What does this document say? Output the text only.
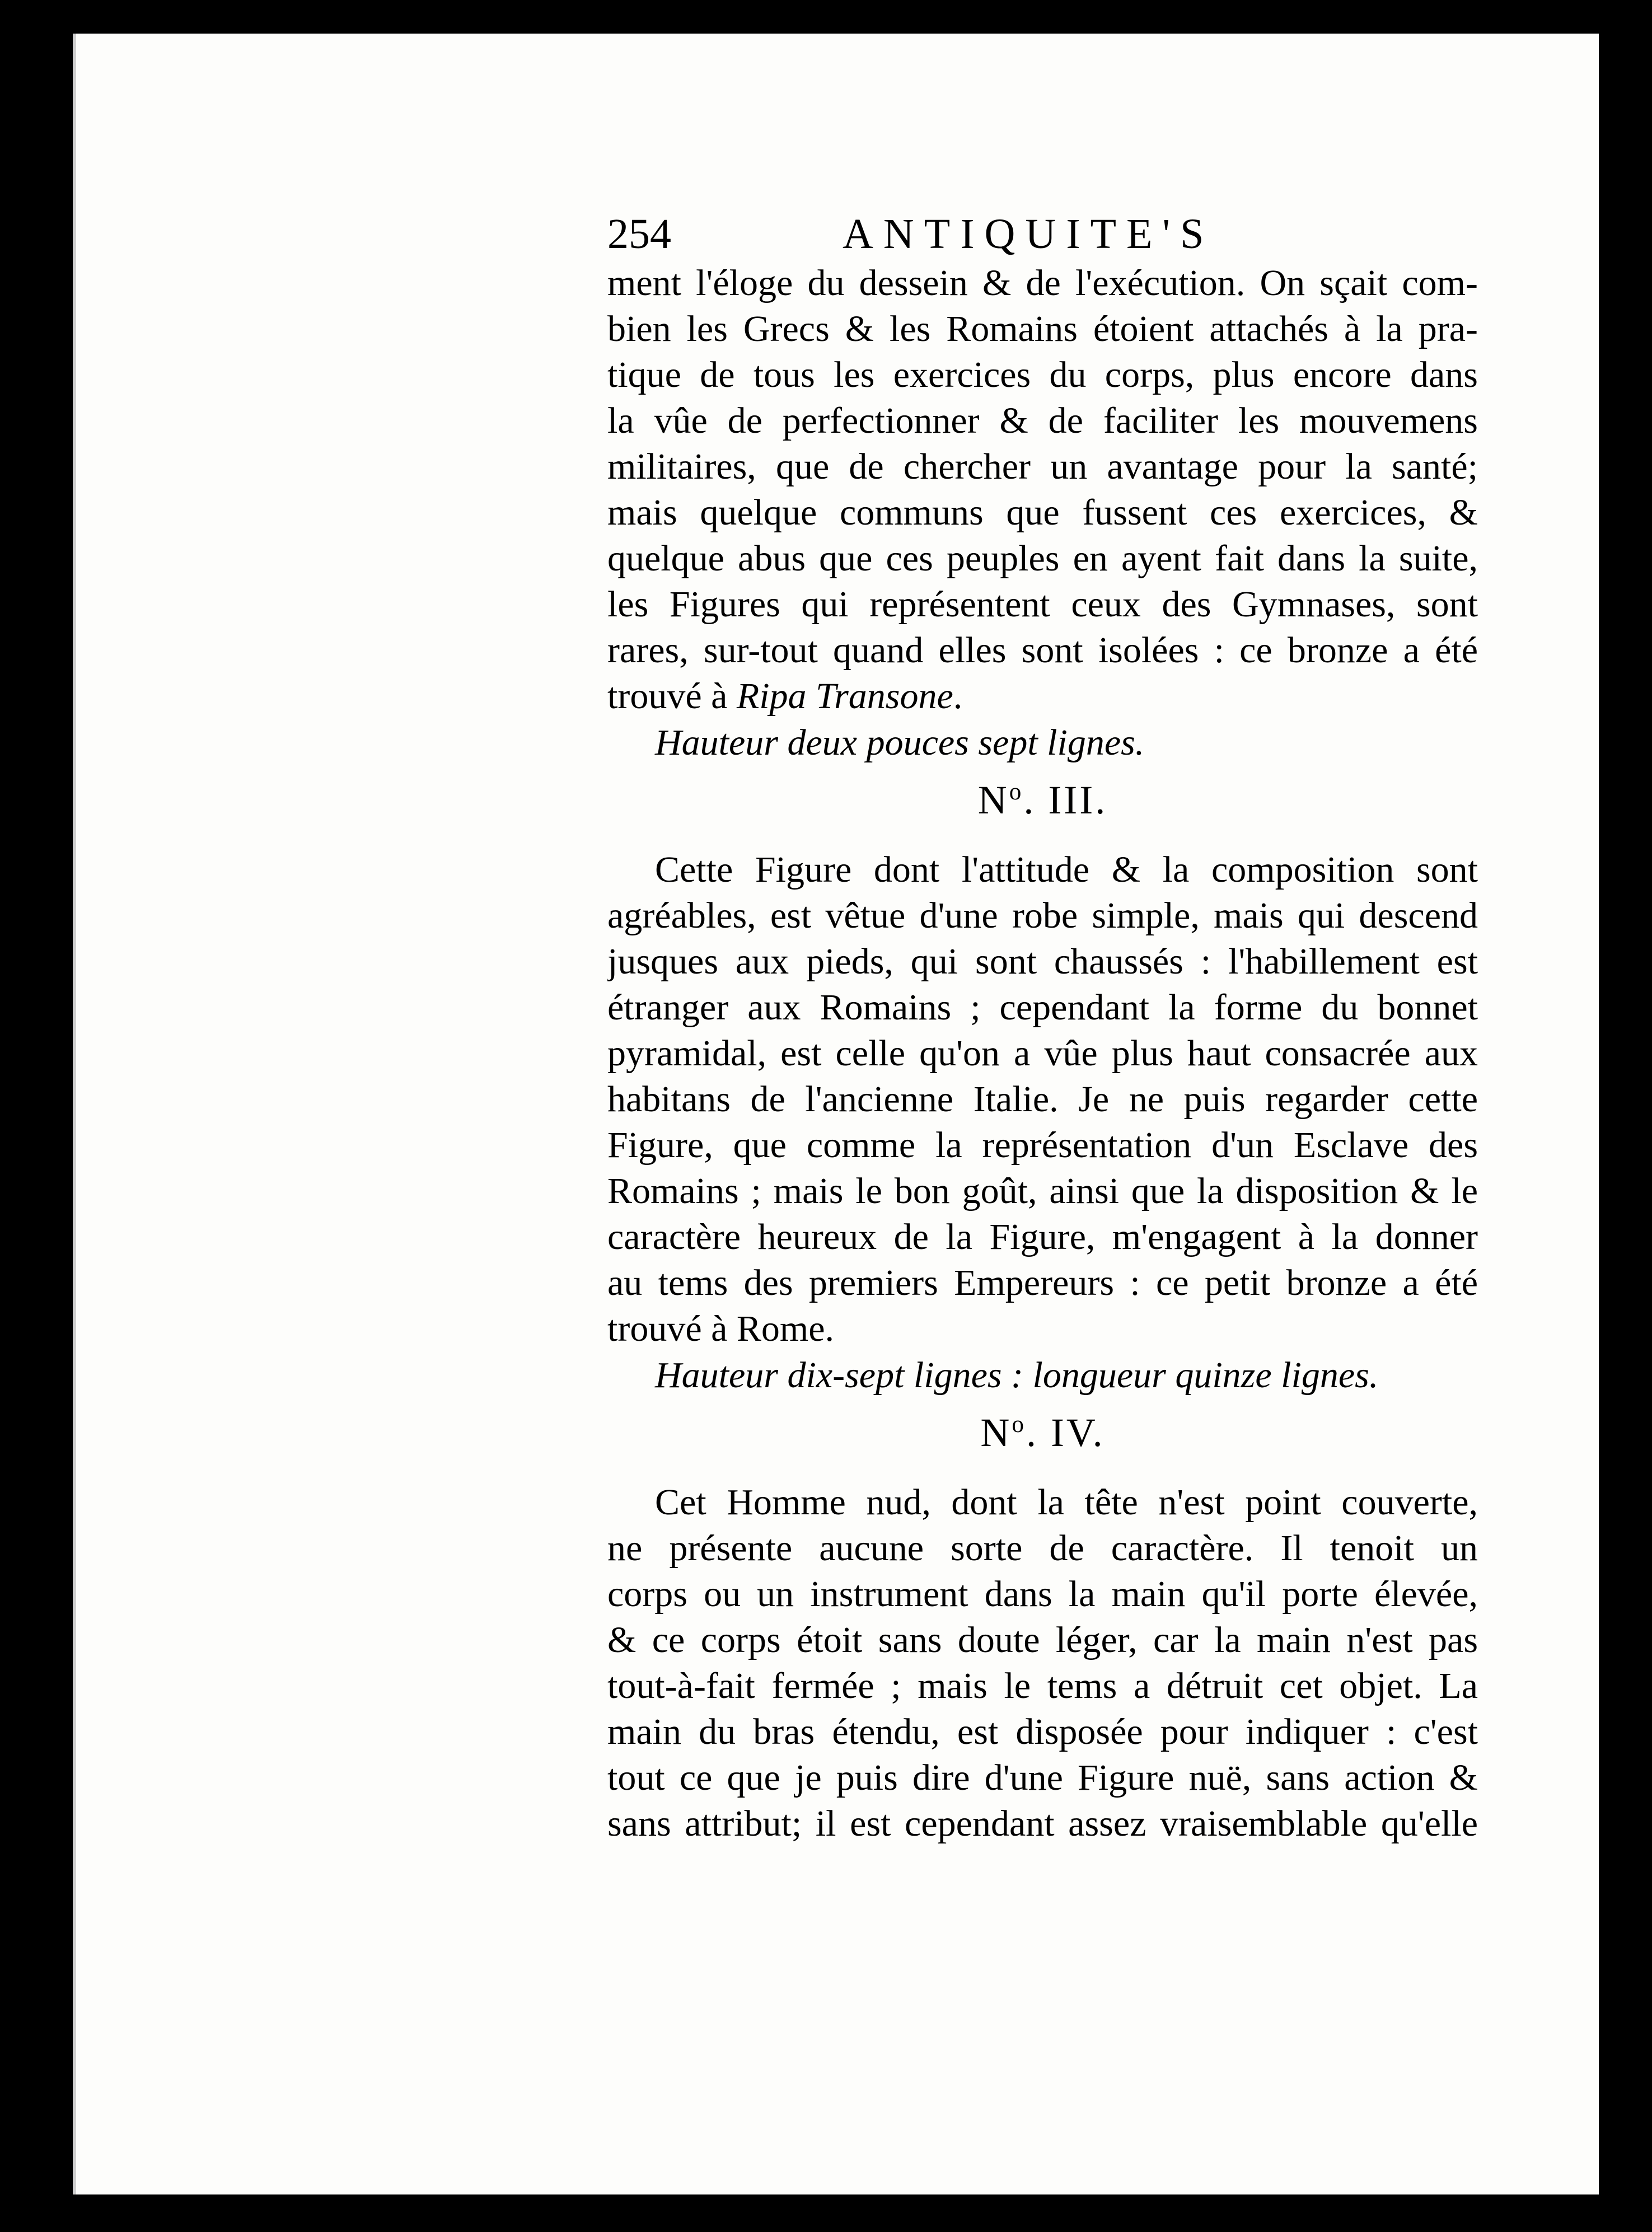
254	ANTIQUITE'S
ment l'éloge du dessein & de l'exécution. On sçait com-
bien les Grecs & les Romains étoient attachés à la pra-
tique de tous les exercices du corps, plus encore dans
la vûe de perfectionner & de faciliter les mouvemens
militaires, que de chercher un avantage pour la santé;
mais quelque communs que fussent ces exercices, &
quelque abus que ces peuples en ayent fait dans la suite,
les Figures qui représentent ceux des Gymnases, sont
rares, sur-tout quand elles sont isolées : ce bronze a été
trouvé à Ripa Transone.
Hauteur deux pouces sept lignes.
$N^o$. III.
Cette Figure dont l'attitude & la composition sont
agréables, est vêtue d'une robe simple, mais qui descend
jusques aux pieds, qui sont chaussés : l'habillement est
étranger aux Romains ; cependant la forme du bonnet
pyramidal, est celle qu'on a vûe plus haut consacrée aux
habitans de l'ancienne Italie. Je ne puis regarder cette
Figure, que comme la représentation d'un Esclave des
Romains ; mais le bon goût, ainsi que la disposition & le
caractère heureux de la Figure, m'engagent à la donner
au tems des premiers Empereurs : ce petit bronze a été
trouvé à Rome.
Hauteur dix-sept lignes : longueur quinze lignes.
$N^o$. IV.
Cet Homme nud, dont la tête n'est point couverte,
ne présente aucune sorte de caractère. Il tenoit un
corps ou un instrument dans la main qu'il porte élevée,
& ce corps étoit sans doute léger, car la main n'est pas
tout-à-fait fermée ; mais le tems a détruit cet objet. La
main du bras étendu, est disposée pour indiquer : c'est
tout ce que je puis dire d'une Figure nuë, sans action &
sans attribut; il est cependant assez vraisemblable qu'elle
